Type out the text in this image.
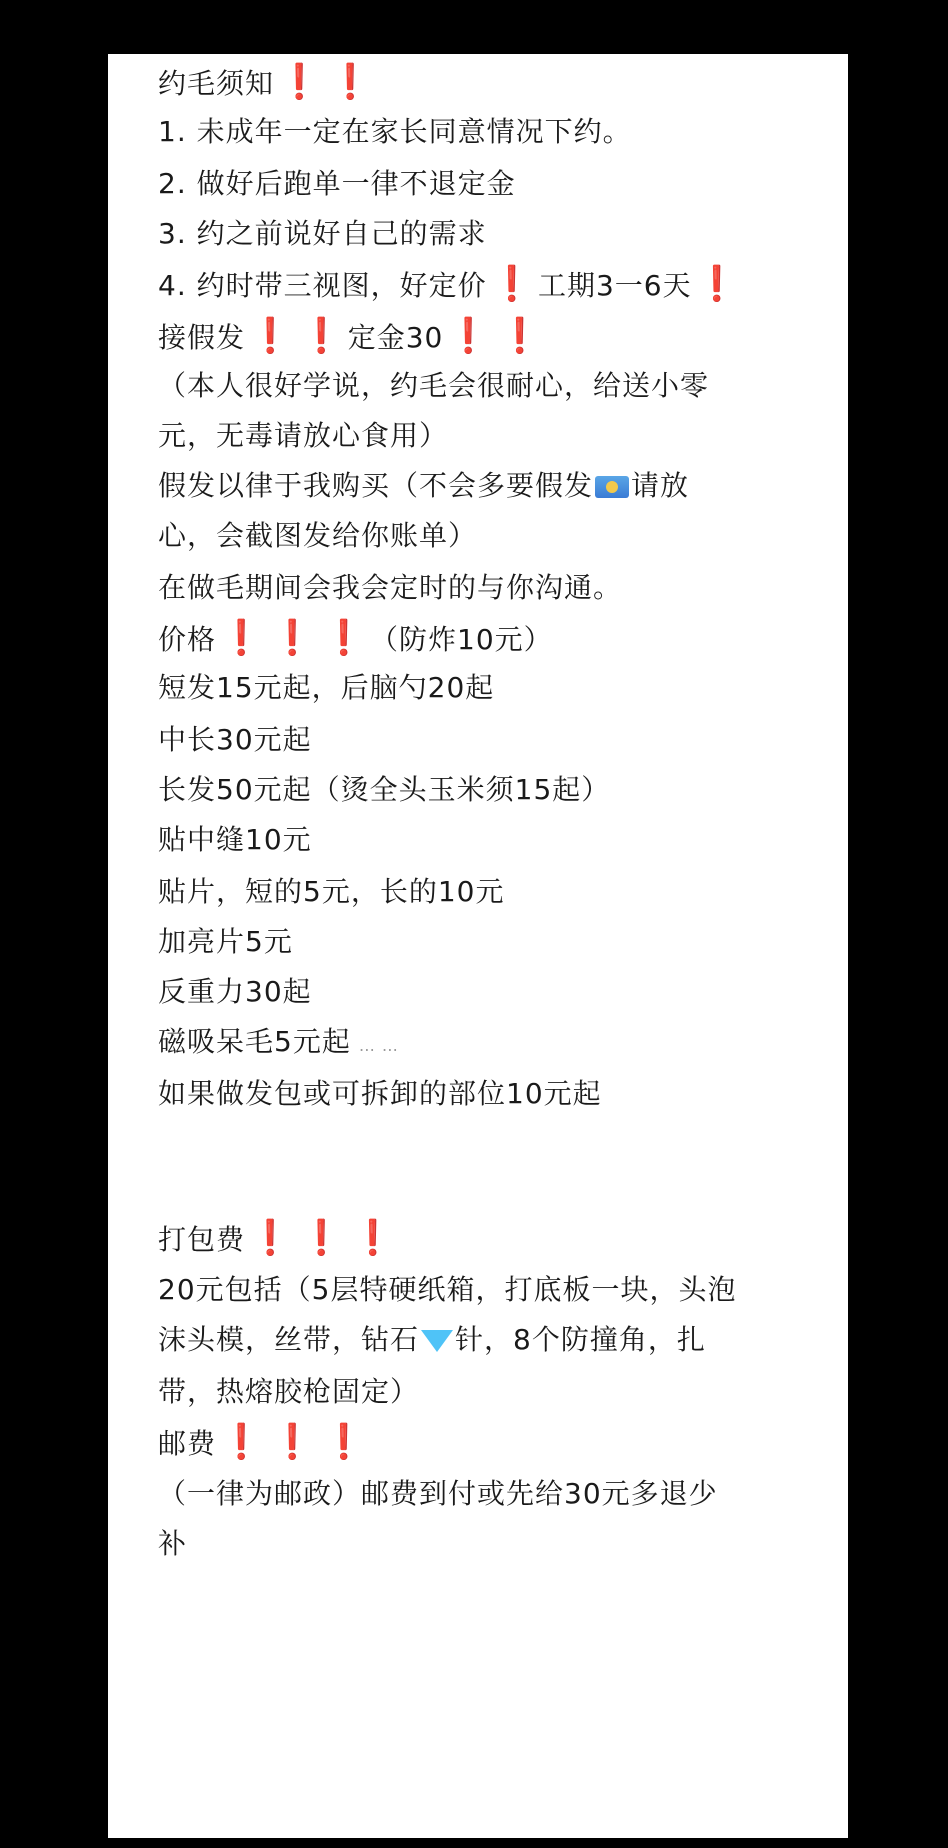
约毛须知 ❗ ❗
1. 未成年一定在家长同意情况下约。
2. 做好后跑单一律不退定金
3. 约之前说好自己的需求
4. 约时带三视图，好定价 ❗ 工期3一6天 ❗
接假发 ❗ ❗ 定金30 ❗ ❗
（本人很好学说，约毛会很耐心，给送小零
元，无毒请放心食用）
假发以律于我购买（不会多要假发 请放
心，会截图发给你账单）
在做毛期间会我会定时的与你沟通。
价格 ❗ ❗ ❗ （防炸10元）
短发15元起，后脑勺20起
中长30元起
长发50元起（烫全头玉米须15起）
贴中缝10元
贴片，短的5元，长的10元
加亮片5元
反重力30起
磁吸呆毛5元起 … …
如果做发包或可拆卸的部位10元起
打包费 ❗ ❗ ❗
20元包括（5层特硬纸箱，打底板一块，头泡
沫头模，丝带，钻石 针，8个防撞角，扎
带，热熔胶枪固定）
邮费 ❗ ❗ ❗
（一律为邮政）邮费到付或先给30元多退少
补
